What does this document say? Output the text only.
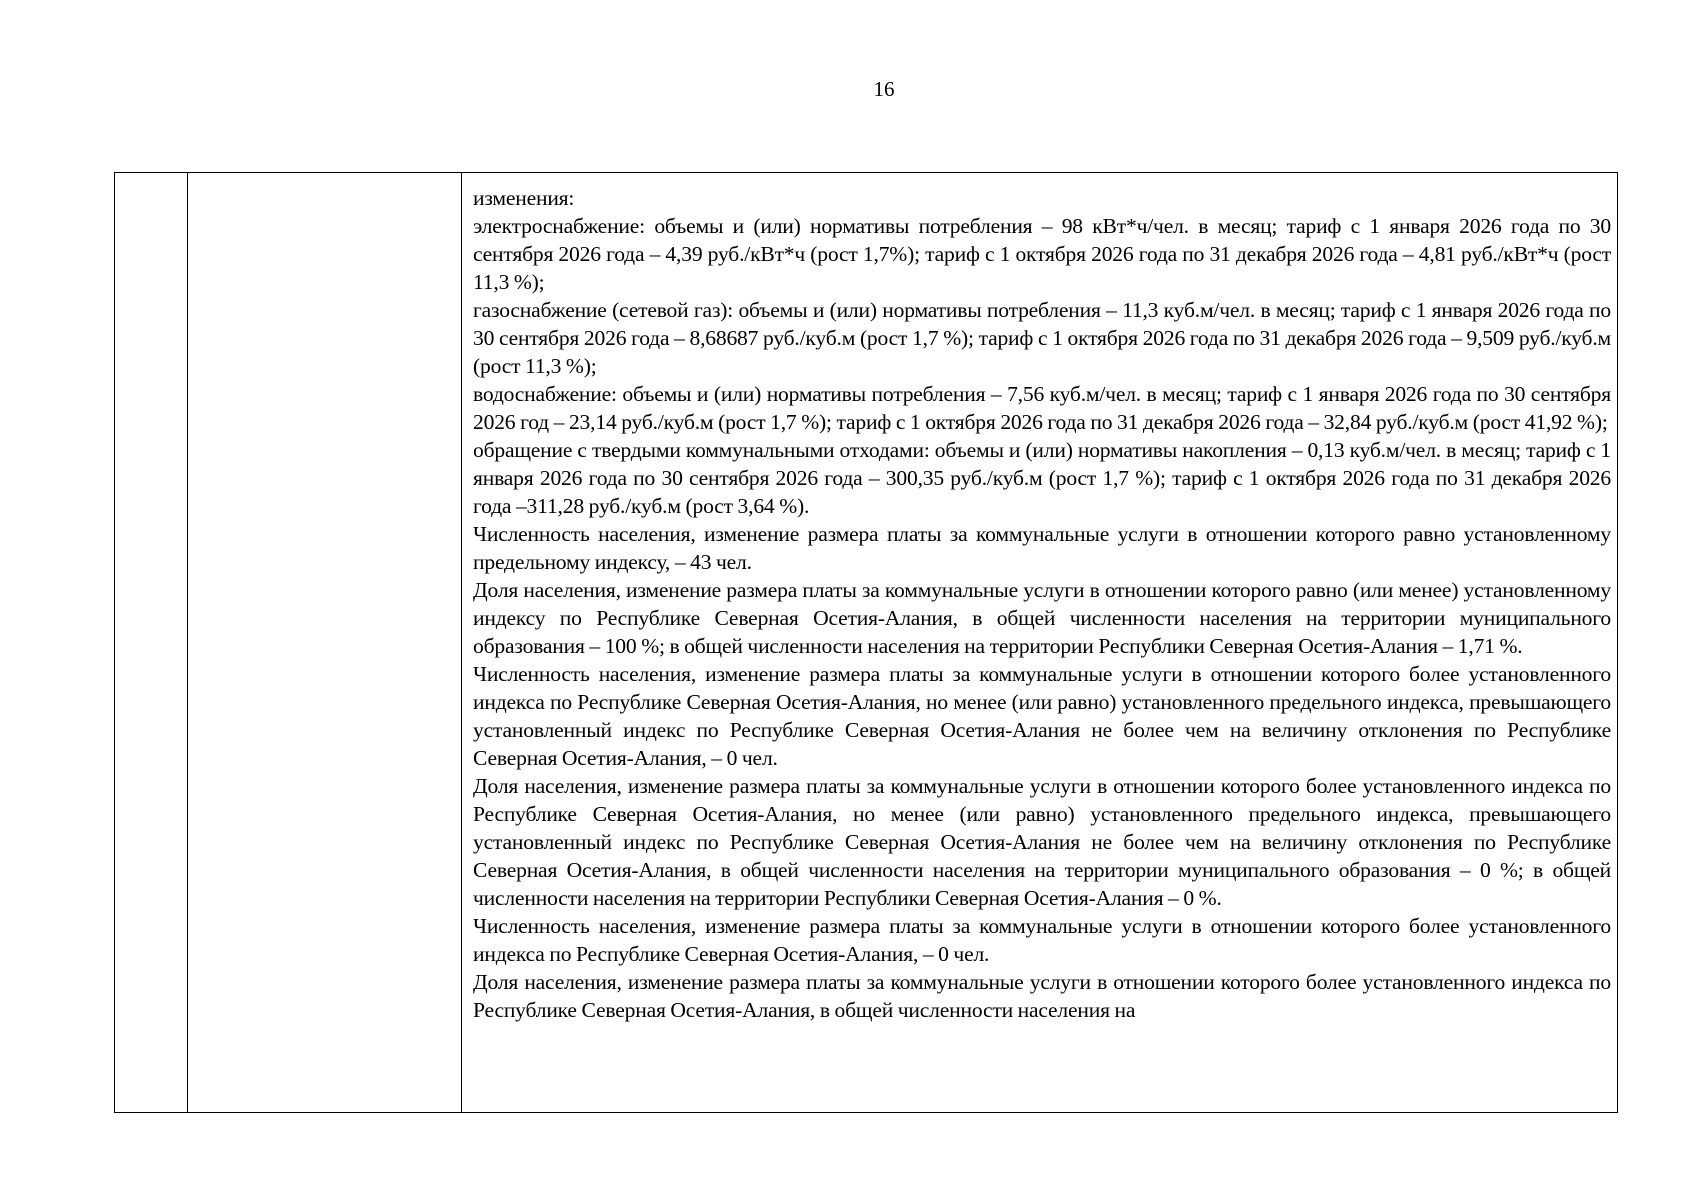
16

изменения:

электроснабжение: объемы и (или) нормативы потребления – 98 кВт*ч/чел. в месяц; тариф с 1 января 2026 года по 30 сентября 2026 года – 4,39 руб./кВт*ч (рост 1,7%); тариф с 1 октября 2026 года по 31 декабря 2026 года – 4,81 руб./кВт*ч (рост 11,3 %);

газоснабжение (сетевой газ): объемы и (или) нормативы потребления – 11,3 куб.м/чел. в месяц; тариф с 1 января 2026 года по 30 сентября 2026 года – 8,68687 руб./куб.м (рост 1,7 %); тариф с 1 октября 2026 года по 31 декабря 2026 года – 9,509 руб./куб.м (рост 11,3 %);

водоснабжение: объемы и (или) нормативы потребления – 7,56 куб.м/чел. в месяц; тариф с 1 января 2026 года по 30 сентября 2026 год – 23,14 руб./куб.м (рост 1,7 %); тариф с 1 октября 2026 года по 31 декабря 2026 года – 32,84 руб./куб.м (рост 41,92 %);

обращение с твердыми коммунальными отходами: объемы и (или) нормативы накопления – 0,13 куб.м/чел. в месяц; тариф с 1 января 2026 года по 30 сентября 2026 года – 300,35 руб./куб.м (рост 1,7 %); тариф с 1 октября 2026 года по 31 декабря 2026 года –311,28 руб./куб.м (рост 3,64 %).

Численность населения, изменение размера платы за коммунальные услуги в отношении которого равно установленному предельному индексу, – 43 чел.

Доля населения, изменение размера платы за коммунальные услуги в отношении которого равно (или менее) установленному индексу по Республике Северная Осетия-Алания, в общей численности населения на территории муниципального образования – 100 %; в общей численности населения на территории Республики Северная Осетия-Алания – 1,71 %.

Численность населения, изменение размера платы за коммунальные услуги в отношении которого более установленного индекса по Республике Северная Осетия-Алания, но менее (или равно) установленного предельного индекса, превышающего установленный индекс по Республике Северная Осетия-Алания не более чем на величину отклонения по Республике Северная Осетия-Алания, – 0 чел.

Доля населения, изменение размера платы за коммунальные услуги в отношении которого более установленного индекса по Республике Северная Осетия-Алания, но менее (или равно) установленного предельного индекса, превышающего установленный индекс по Республике Северная Осетия-Алания не более чем на величину отклонения по Республике Северная Осетия-Алания, в общей численности населения на территории муниципального образования – 0 %; в общей численности населения на территории Республики Северная Осетия-Алания – 0 %.

Численность населения, изменение размера платы за коммунальные услуги в отношении которого более установленного индекса по Республике Северная Осетия-Алания, – 0 чел.

Доля населения, изменение размера платы за коммунальные услуги в отношении которого более установленного индекса по Республике Северная Осетия-Алания, в общей численности населения на
